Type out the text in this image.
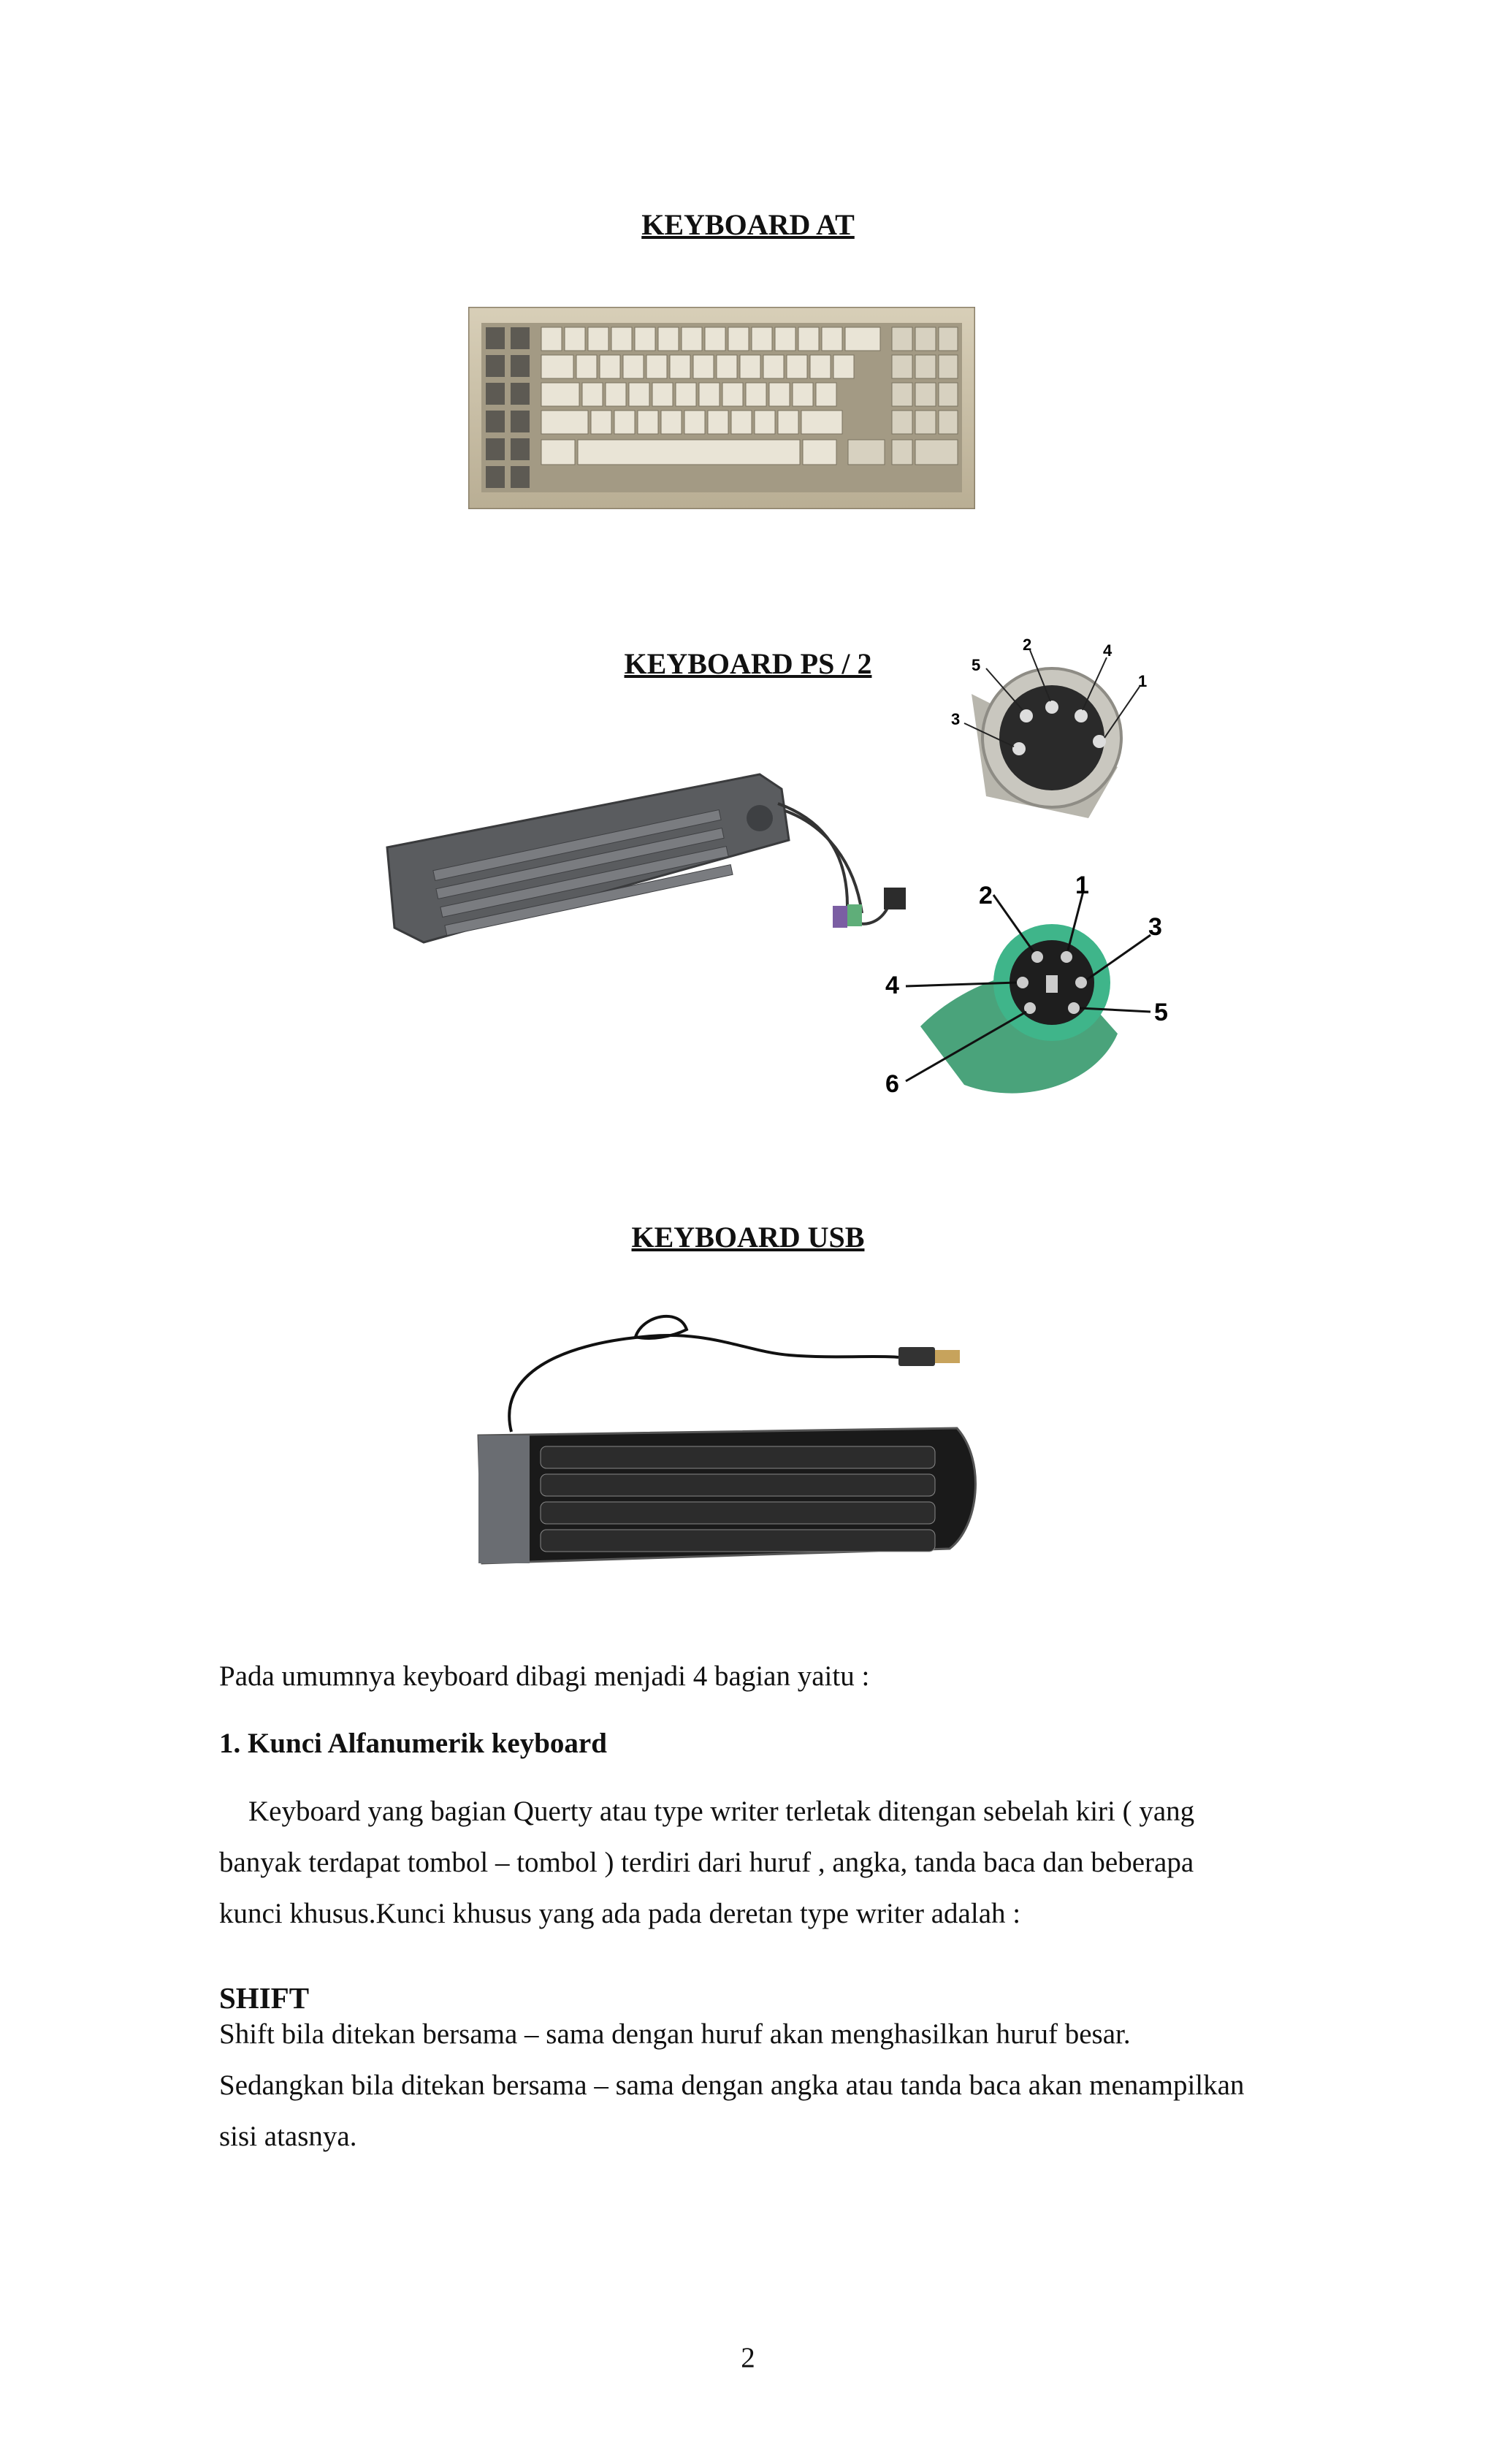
KEYBOARD AT
KEYBOARD PS / 2	5
2	4
1
3
2	1
3
4
5
6
KEYBOARD USB
Pada umumnya keyboard dibagi menjadi 4 bagian yaitu :
1. Kunci Alfanumerik keyboard
Keyboard yang bagian Querty atau type writer terletak ditengan sebelah kiri ( yang
banyak terdapat tombol – tombol ) terdiri dari huruf , angka, tanda baca dan beberapa
kunci khusus.Kunci khusus yang ada pada deretan type writer adalah :
SHIFT
Shift bila ditekan bersama – sama dengan huruf akan menghasilkan huruf besar.
Sedangkan bila ditekan bersama – sama dengan angka atau tanda baca akan menampilkan
sisi atasnya.
2
